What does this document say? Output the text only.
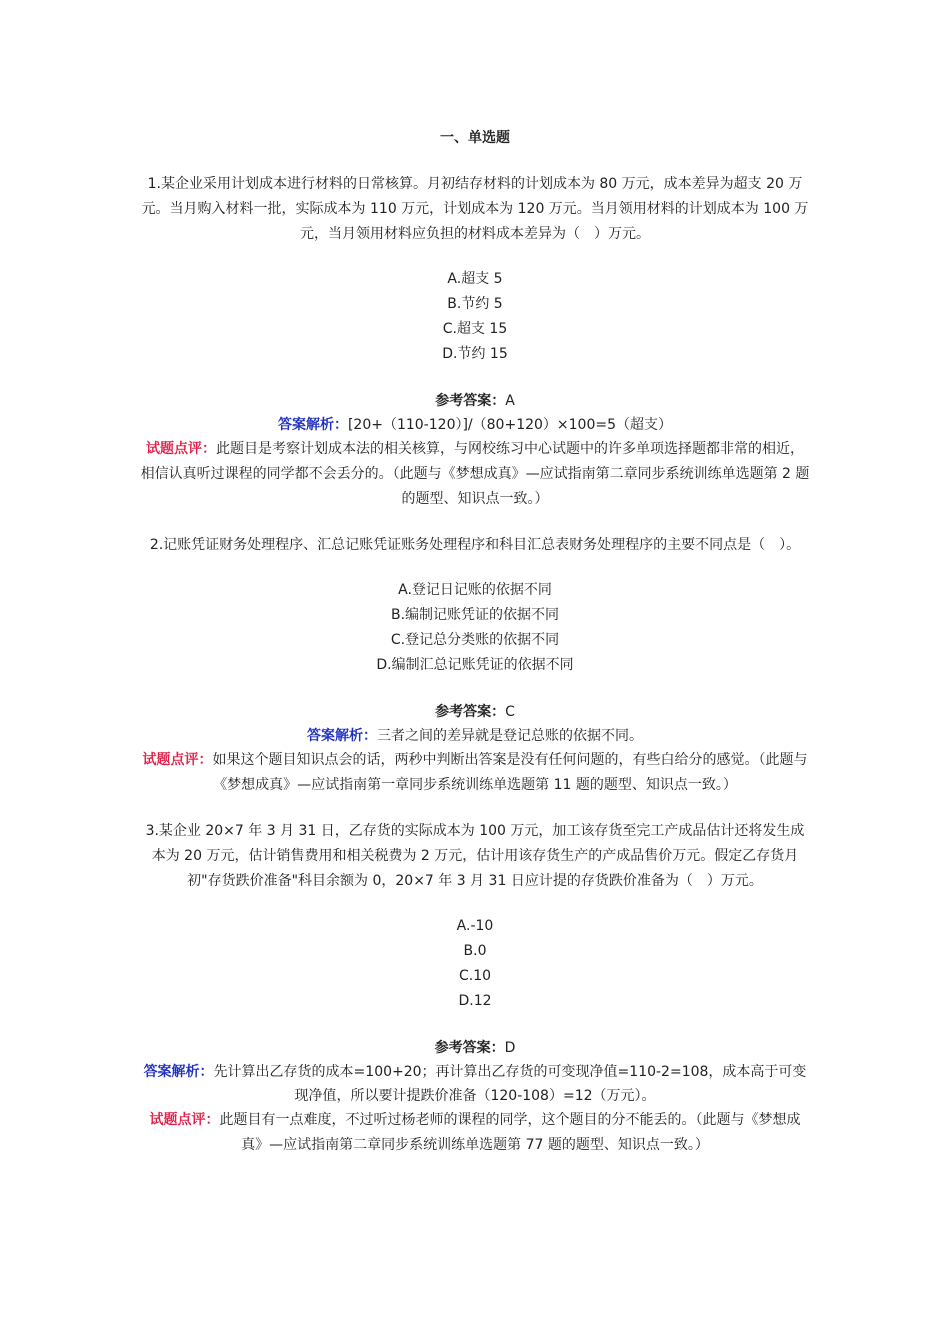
一、单选题

1.某企业采用计划成本进行材料的日常核算。月初结存材料的计划成本为 80 万元，成本差异为超支 20 万元。当月购入材料一批，实际成本为 110 万元，计划成本为 120 万元。当月领用材料的计划成本为 100 万元，当月领用材料应负担的材料成本差异为（　）万元。

A.超支 5
B.节约 5
C.超支 15
D.节约 15

参考答案：A

答案解析：[20+（110-120）]/（80+120）×100=5（超支）

试题点评：此题目是考察计划成本法的相关核算，与网校练习中心试题中的许多单项选择题都非常的相近，相信认真听过课程的同学都不会丢分的。（此题与《梦想成真》—应试指南第二章同步系统训练单选题第 2 题的题型、知识点一致。）

2.记账凭证财务处理程序、汇总记账凭证账务处理程序和科目汇总表财务处理程序的主要不同点是（　）。

A.登记日记账的依据不同
B.编制记账凭证的依据不同
C.登记总分类账的依据不同
D.编制汇总记账凭证的依据不同

参考答案：C

答案解析：三者之间的差异就是登记总账的依据不同。

试题点评：如果这个题目知识点会的话，两秒中判断出答案是没有任何问题的，有些白给分的感觉。（此题与《梦想成真》—应试指南第一章同步系统训练单选题第 11 题的题型、知识点一致。）

3.某企业 20×7 年 3 月 31 日，乙存货的实际成本为 100 万元，加工该存货至完工产成品估计还将发生成本为 20 万元，估计销售费用和相关税费为 2 万元，估计用该存货生产的产成品售价万元。假定乙存货月初"存货跌价准备"科目余额为 0，20×7 年 3 月 31 日应计提的存货跌价准备为（　）万元。

A.-10
B.0
C.10
D.12

参考答案：D

答案解析：先计算出乙存货的成本=100+20；再计算出乙存货的可变现净值=110-2=108，成本高于可变现净值，所以要计提跌价准备（120-108）=12（万元）。

试题点评：此题目有一点难度，不过听过杨老师的课程的同学，这个题目的分不能丢的。（此题与《梦想成真》—应试指南第二章同步系统训练单选题第 77 题的题型、知识点一致。）
